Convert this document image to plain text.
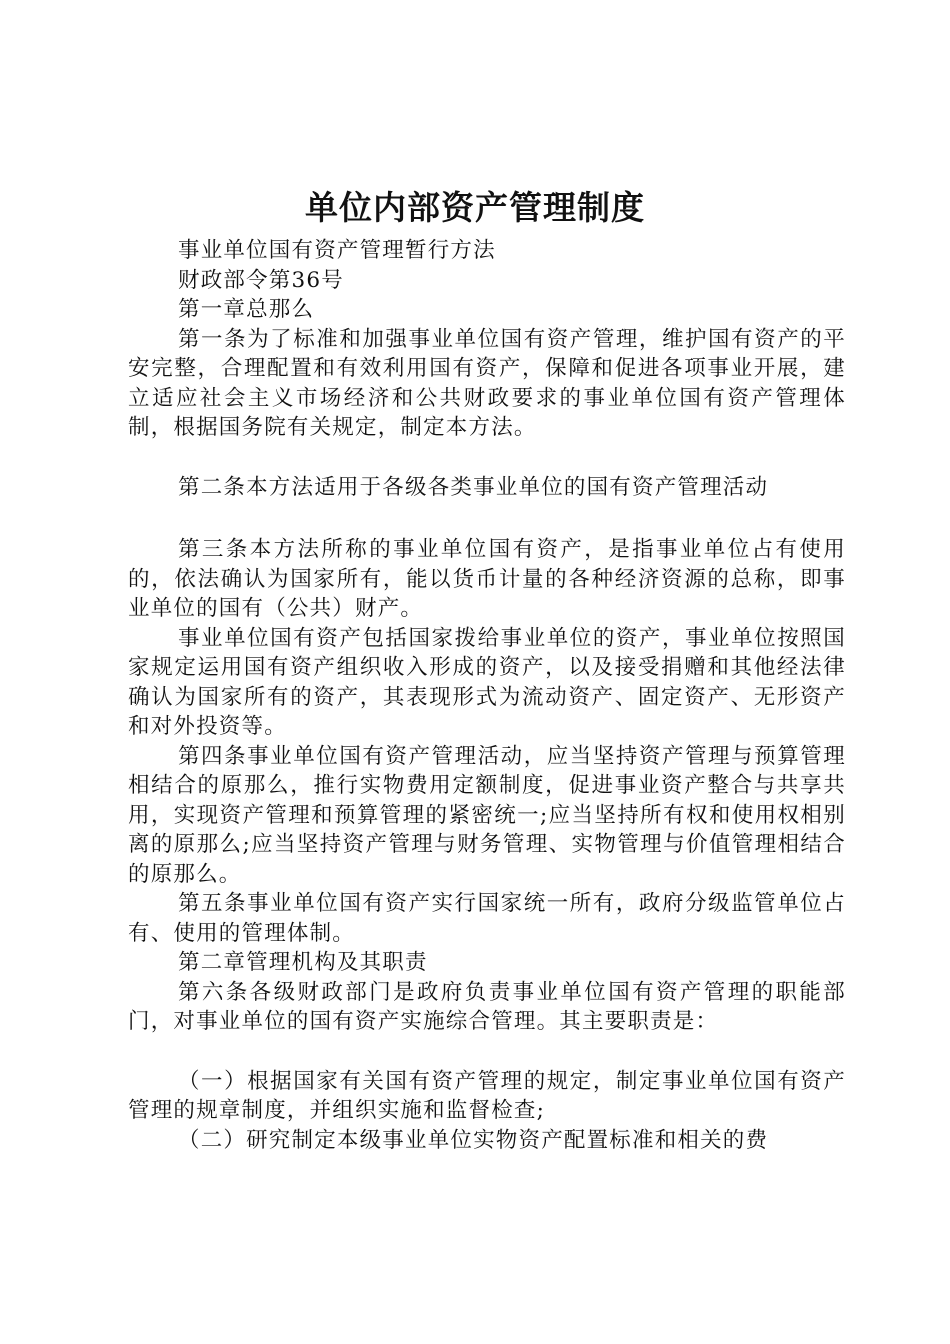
单位内部资产管理制度

事业单位国有资产管理暂行方法

财政部令第36号

第一章总那么

第一条为了标准和加强事业单位国有资产管理，维护国有资产的平安完整，合理配置和有效利用国有资产，保障和促进各项事业开展，建立适应社会主义市场经济和公共财政要求的事业单位国有资产管理体制，根据国务院有关规定，制定本方法。

第二条本方法适用于各级各类事业单位的国有资产管理活动

第三条本方法所称的事业单位国有资产，是指事业单位占有使用的，依法确认为国家所有，能以货币计量的各种经济资源的总称，即事业单位的国有（公共）财产。

事业单位国有资产包括国家拨给事业单位的资产，事业单位按照国家规定运用国有资产组织收入形成的资产，以及接受捐赠和其他经法律确认为国家所有的资产，其表现形式为流动资产、固定资产、无形资产和对外投资等。

第四条事业单位国有资产管理活动，应当坚持资产管理与预算管理相结合的原那么，推行实物费用定额制度，促进事业资产整合与共享共用，实现资产管理和预算管理的紧密统一;应当坚持所有权和使用权相别离的原那么;应当坚持资产管理与财务管理、实物管理与价值管理相结合的原那么。

第五条事业单位国有资产实行国家统一所有，政府分级监管单位占有、使用的管理体制。

第二章管理机构及其职责

第六条各级财政部门是政府负责事业单位国有资产管理的职能部门，对事业单位的国有资产实施综合管理。其主要职责是：

（一）根据国家有关国有资产管理的规定，制定事业单位国有资产管理的规章制度，并组织实施和监督检查;

（二）研究制定本级事业单位实物资产配置标准和相关的费
